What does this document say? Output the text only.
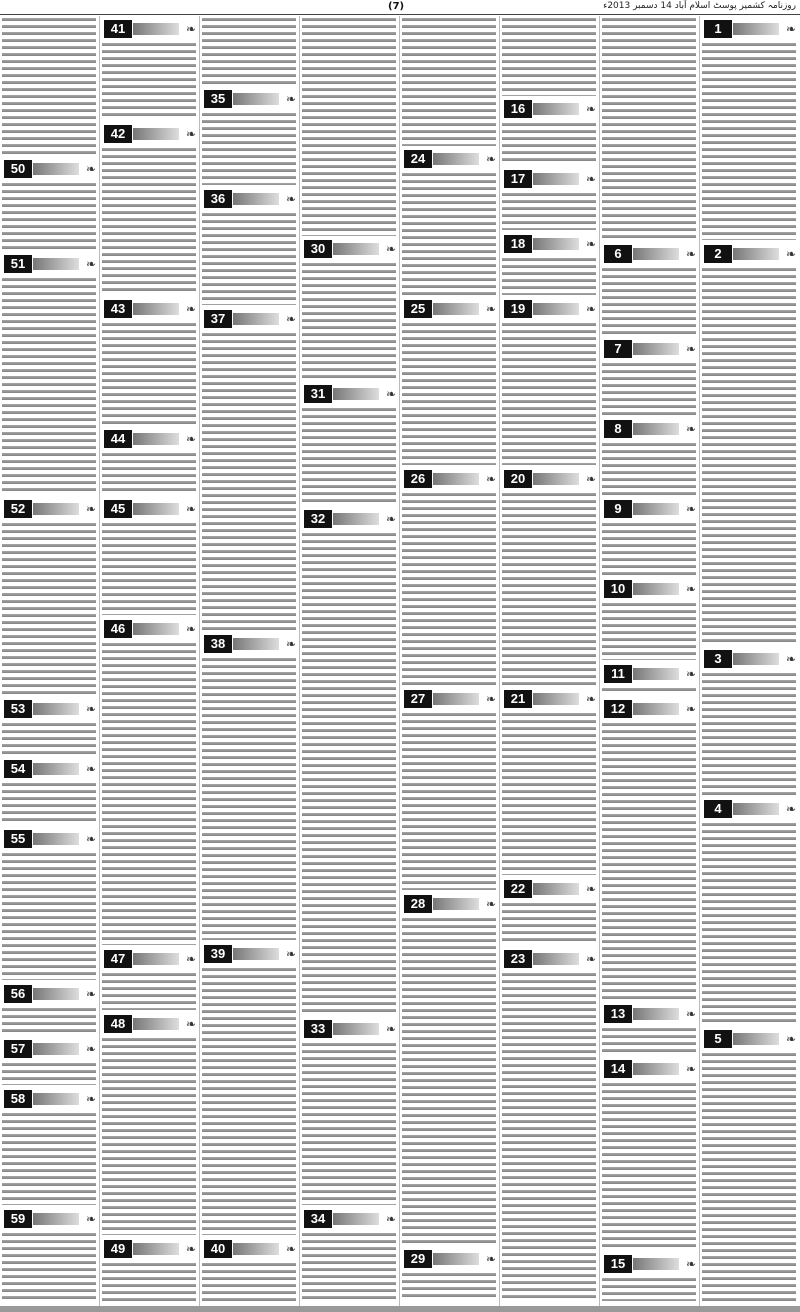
(7)	روزنامہ کشمیر پوسٹ اسلام آباد 14 دسمبر 2013ء
1	❧
2	❧
3	❧
4	❧
5	❧
6	❧
7	❧
8	❧
9	❧
10	❧
11	❧
12	❧
13	❧
14	❧
15	❧
16	❧
17	❧
18	❧
19	❧
20	❧
21	❧
22	❧
23	❧
24	❧
25	❧
26	❧
27	❧
28	❧
29	❧
30	❧
31	❧
32	❧
33	❧
34	❧
35	❧
36	❧
37	❧
38	❧
39	❧
40	❧
41	❧
42	❧
43	❧
44	❧
45	❧
46	❧
47	❧
48	❧
49	❧
50	❧
51	❧
52	❧
53	❧
54	❧
55	❧
56	❧
57	❧
58	❧
59	❧
